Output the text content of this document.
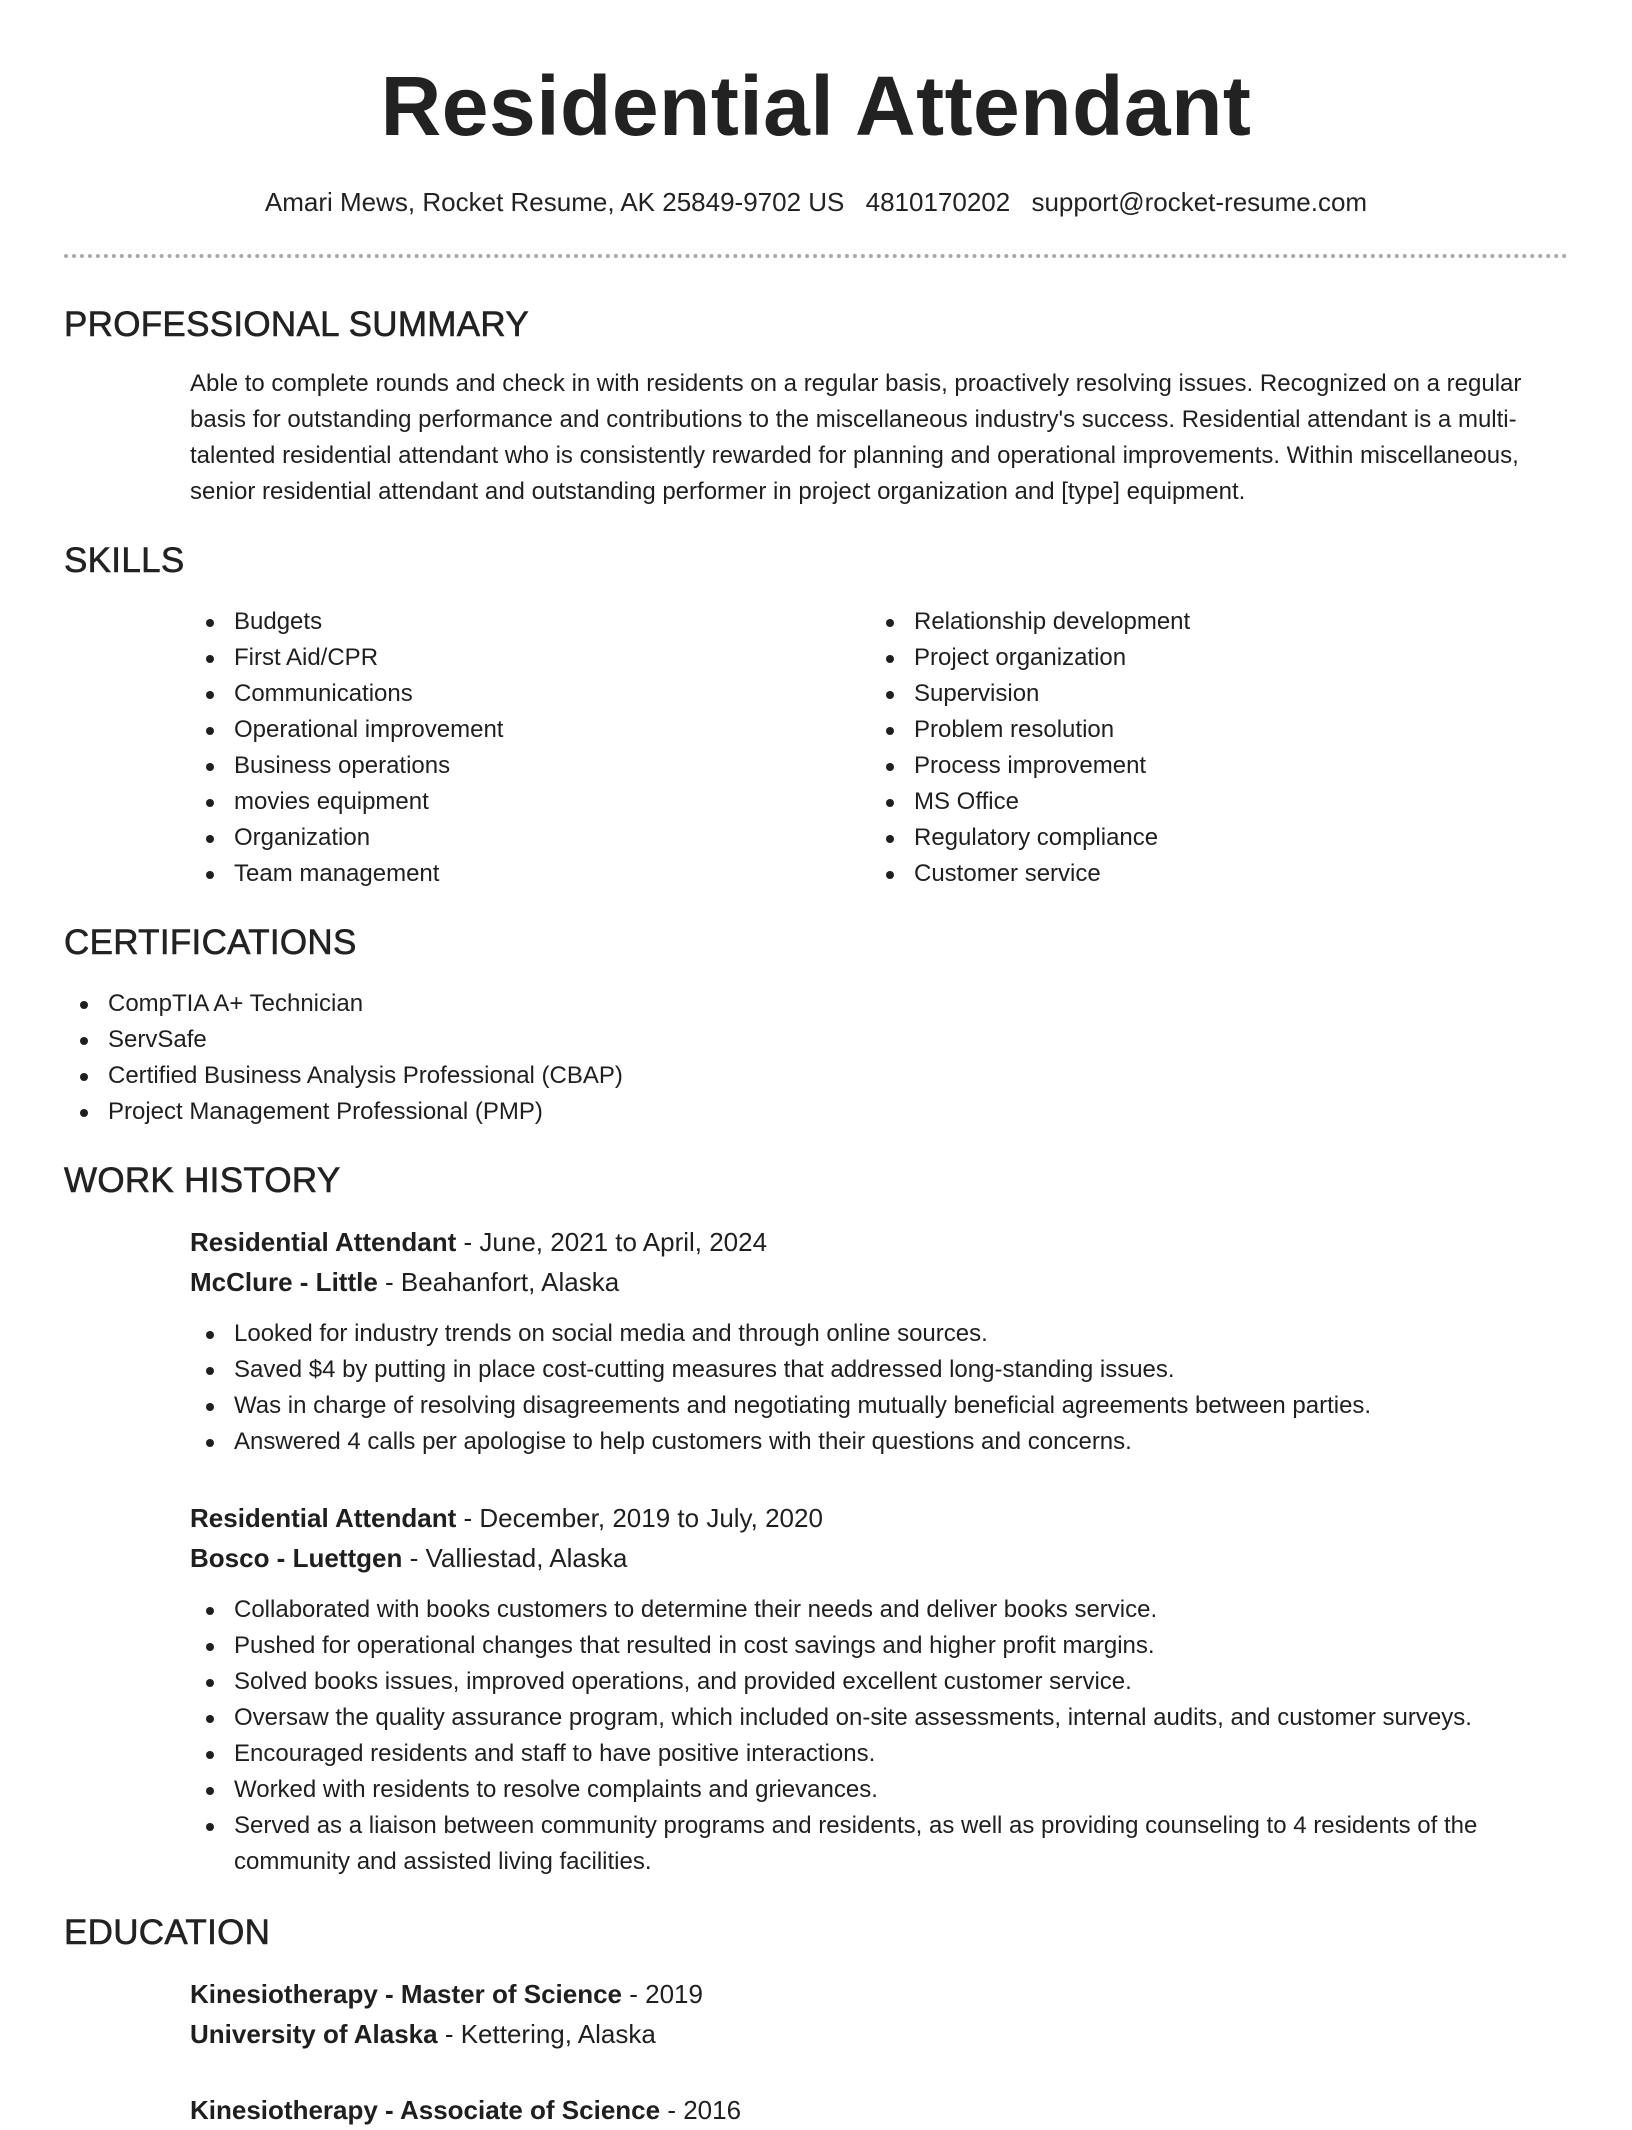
Residential Attendant
Amari Mews, Rocket Resume, AK 25849-9702 US 4810170202 support@rocket-resume.com
PROFESSIONAL SUMMARY
Able to complete rounds and check in with residents on a regular basis, proactively resolving issues. Recognized on a regular basis for outstanding performance and contributions to the miscellaneous industry's success. Residential attendant is a multi-talented residential attendant who is consistently rewarded for planning and operational improvements. Within miscellaneous, senior residential attendant and outstanding performer in project organization and [type] equipment.
SKILLS
Budgets
First Aid/CPR
Communications
Operational improvement
Business operations
movies equipment
Organization
Team management
Relationship development
Project organization
Supervision
Problem resolution
Process improvement
MS Office
Regulatory compliance
Customer service
CERTIFICATIONS
CompTIA A+ Technician
ServSafe
Certified Business Analysis Professional (CBAP)
Project Management Professional (PMP)
WORK HISTORY
Residential Attendant - June, 2021 to April, 2024
McClure - Little - Beahanfort, Alaska
Looked for industry trends on social media and through online sources.
Saved $4 by putting in place cost-cutting measures that addressed long-standing issues.
Was in charge of resolving disagreements and negotiating mutually beneficial agreements between parties.
Answered 4 calls per apologise to help customers with their questions and concerns.
Residential Attendant - December, 2019 to July, 2020
Bosco - Luettgen - Valliestad, Alaska
Collaborated with books customers to determine their needs and deliver books service.
Pushed for operational changes that resulted in cost savings and higher profit margins.
Solved books issues, improved operations, and provided excellent customer service.
Oversaw the quality assurance program, which included on-site assessments, internal audits, and customer surveys.
Encouraged residents and staff to have positive interactions.
Worked with residents to resolve complaints and grievances.
Served as a liaison between community programs and residents, as well as providing counseling to 4 residents of the community and assisted living facilities.
EDUCATION
Kinesiotherapy - Master of Science - 2019
University of Alaska - Kettering, Alaska
Kinesiotherapy - Associate of Science - 2016
